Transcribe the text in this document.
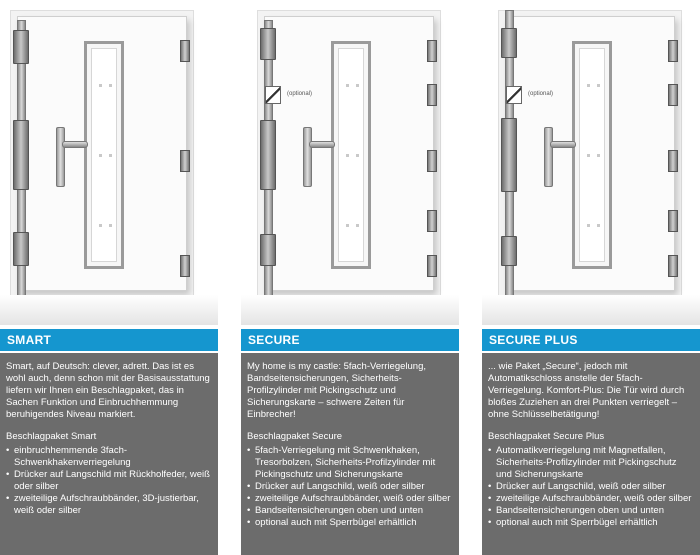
SMART

Smart, auf Deutsch: clever, adrett. Das ist es wohl auch, denn schon mit der Basisausstattung liefern wir Ihnen ein Beschlagpaket, das in Sachen Funktion und Einbruchhemmung beruhigendes Niveau markiert.

Beschlagpaket Smart

• einbruchhemmende 3fach-Schwenkhakenverriegelung
• Drücker auf Langschild mit Rückholfeder, weiß oder silber
• zweiteilige Aufschraubbänder, 3D-justierbar, weiß oder silber
(optional)
SECURE

My home is my castle: 5fach-Verriegelung, Bandseitensicherungen, Sicherheits-Profilzylinder mit Pickingschutz und Sicherungskarte – schwere Zeiten für Einbrecher!

Beschlagpaket Secure

• 5fach-Verriegelung mit Schwenkhaken, Tresorbolzen, Sicherheits-Profilzylinder mit Pickingschutz und Sicherungskarte
• Drücker auf Langschild, weiß oder silber
• zweiteilige Aufschraubbänder, weiß oder silber
• Bandseitensicherungen oben und unten
• optional auch mit Sperrbügel erhältlich
(optional)
SECURE PLUS

... wie Paket „Secure“, jedoch mit Automatikschloss anstelle der 5fach-Verriegelung. Komfort-Plus: Die Tür wird durch bloßes Zuziehen an drei Punkten verriegelt – ohne Schlüsselbetätigung!

Beschlagpaket Secure Plus

• Automatikverriegelung mit Magnetfallen, Sicherheits-Profilzylinder mit Pickingschutz und Sicherungskarte
• Drücker auf Langschild, weiß oder silber
• zweiteilige Aufschraubbänder, weiß oder silber
• Bandseitensicherungen oben und unten
• optional auch mit Sperrbügel erhältlich
